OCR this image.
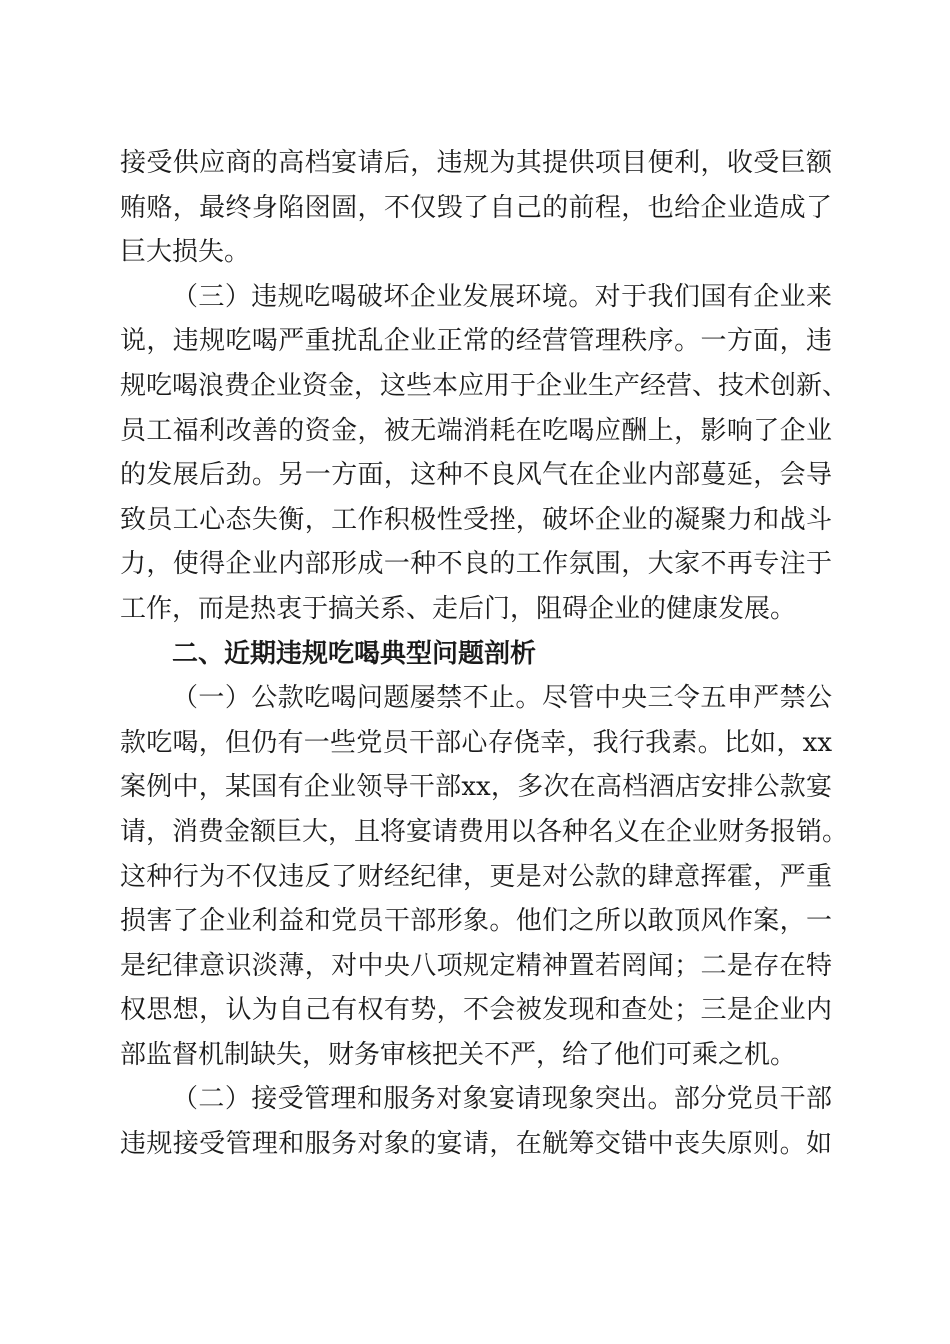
接受供应商的高档宴请后，违规为其提供项目便利，收受巨额
贿赂，最终身陷囹圄，不仅毁了自己的前程，也给企业造成了
巨大损失。
（三）违规吃喝破坏企业发展环境。对于我们国有企业来
说，违规吃喝严重扰乱企业正常的经营管理秩序。一方面，违
规吃喝浪费企业资金，这些本应用于企业生产经营、技术创新、
员工福利改善的资金，被无端消耗在吃喝应酬上，影响了企业
的发展后劲。另一方面，这种不良风气在企业内部蔓延，会导
致员工心态失衡，工作积极性受挫，破坏企业的凝聚力和战斗
力，使得企业内部形成一种不良的工作氛围，大家不再专注于
工作，而是热衷于搞关系、走后门，阻碍企业的健康发展。
二、近期违规吃喝典型问题剖析
（一）公款吃喝问题屡禁不止。尽管中央三令五申严禁公
款吃喝，但仍有一些党员干部心存侥幸，我行我素。比如，xx
案例中，某国有企业领导干部xx，多次在高档酒店安排公款宴
请，消费金额巨大，且将宴请费用以各种名义在企业财务报销。
这种行为不仅违反了财经纪律，更是对公款的肆意挥霍，严重
损害了企业利益和党员干部形象。他们之所以敢顶风作案，一
是纪律意识淡薄，对中央八项规定精神置若罔闻；二是存在特
权思想，认为自己有权有势，不会被发现和查处；三是企业内
部监督机制缺失，财务审核把关不严，给了他们可乘之机。
（二）接受管理和服务对象宴请现象突出。部分党员干部
违规接受管理和服务对象的宴请，在觥筹交错中丧失原则。如
